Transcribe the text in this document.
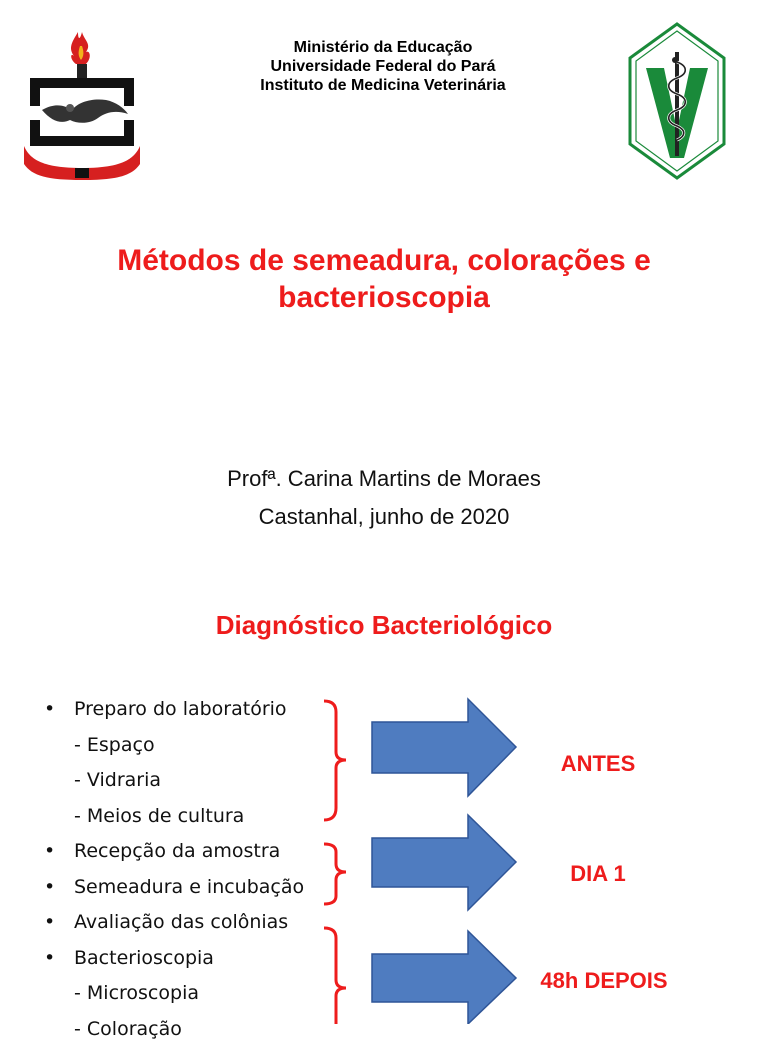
Ministério da Educação
Universidade Federal do Pará
Instituto de Medicina Veterinária
UNIVERSIDADE FEDERAL DO PARÁ
Métodos de semeadura, colorações e
bacterioscopia
Profª. Carina Martins de Moraes
Castanhal, junho de 2020
Diagnóstico Bacteriológico
• Preparo do laboratório
- Espaço
- Vidraria
- Meios de cultura
• Recepção da amostra
• Semeadura e incubação
• Avaliação das colônias
• Bacterioscopia
- Microscopia
- Coloração
ANTES
DIA 1
48h DEPOIS
